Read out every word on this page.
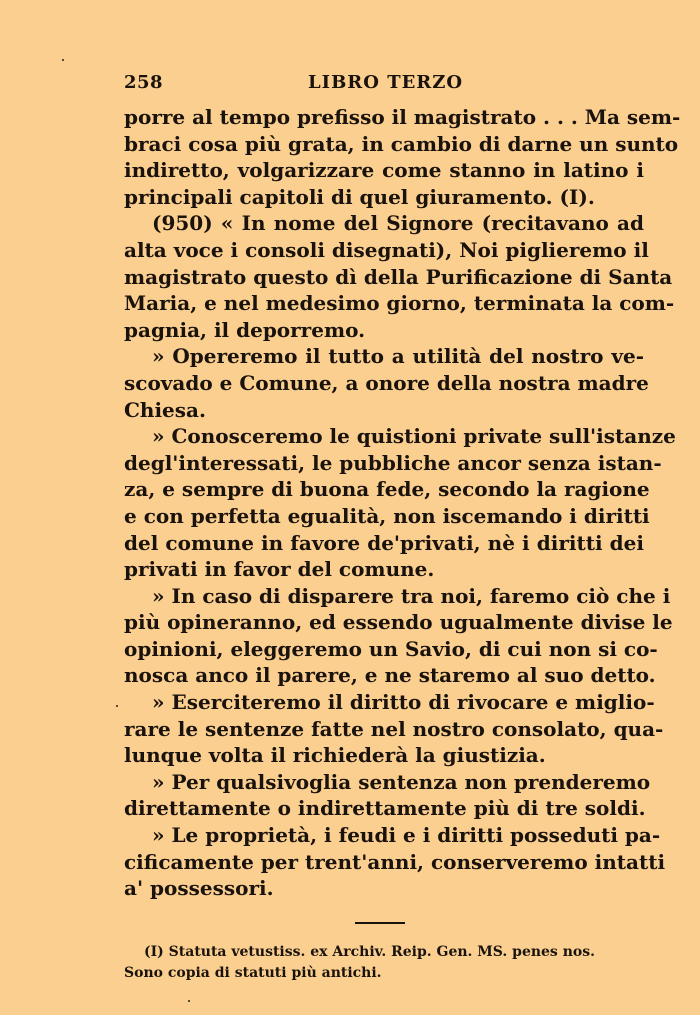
258	LIBRO TERZO

porre al tempo prefisso il magistrato . . . Ma sem-
braci cosa più grata, in cambio di darne un sunto
indiretto, volgarizzare come stanno in latino i
principali capitoli di quel giuramento. (I).

(950) « In nome del Signore (recitavano ad
alta voce i consoli disegnati), Noi piglieremo il
magistrato questo dì della Purificazione di Santa
Maria, e nel medesimo giorno, terminata la com-
pagnia, il deporremo.

» Opereremo il tutto a utilità del nostro ve-
scovado e Comune, a onore della nostra madre
Chiesa.

» Conosceremo le quistioni private sull'istanze
degl'interessati, le pubbliche ancor senza istan-
za, e sempre di buona fede, secondo la ragione
e con perfetta egualità, non iscemando i diritti
del comune in favore de'privati, nè i diritti dei
privati in favor del comune.

» In caso di disparere tra noi, faremo ciò che i
più opineranno, ed essendo ugualmente divise le
opinioni, eleggeremo un Savio, di cui non si co-
nosca anco il parere, e ne staremo al suo detto.

» Eserciteremo il diritto di rivocare e miglio-
rare le sentenze fatte nel nostro consolato, qua-
lunque volta il richiederà la giustizia.

» Per qualsivoglia sentenza non prenderemo
direttamente o indirettamente più di tre soldi.

» Le proprietà, i feudi e i diritti posseduti pa-
cificamente per trent'anni, conserveremo intatti
a' possessori.

(I) Statuta vetustiss. ex Archiv. Reip. Gen. MS. penes nos.
Sono copia di statuti più antichi.
